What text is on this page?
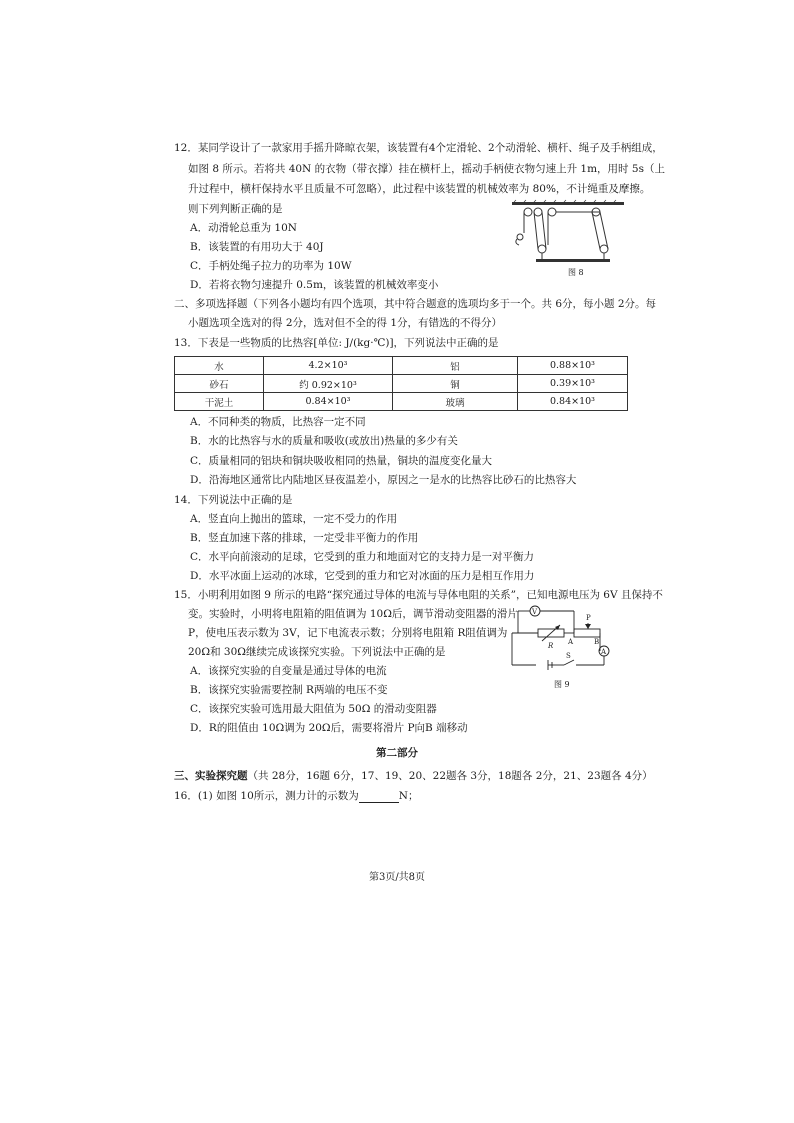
12．某同学设计了一款家用手摇升降晾衣架，该装置有4个定滑轮、2个动滑轮、横杆、绳子及手柄组成，
如图 8 所示。若将共 40N 的衣物（带衣撑）挂在横杆上，摇动手柄使衣物匀速上升 1m，用时 5s（上
升过程中，横杆保持水平且质量不可忽略），此过程中该装置的机械效率为 80%，不计绳重及摩擦。
则下列判断正确的是
A．动滑轮总重为 10N
B．该装置的有用功大于 40J
C．手柄处绳子拉力的功率为 10W
D．若将衣物匀速提升 0.5m，该装置的机械效率变小
图 8
二、多项选择题（下列各小题均有四个选项，其中符合题意的选项均多于一个。共 6分，每小题 2分。每
小题选项全选对的得 2分，选对但不全的得 1分，有错选的不得分）
13．下表是一些物质的比热容[单位: J/(kg·℃)]，下列说法中正确的是
水	4.2×10³	铝	0.88×10³
砂石	约 0.92×10³	铜	0.39×10³
干泥土	0.84×10³	玻璃	0.84×10³
A．不同种类的物质，比热容一定不同
B．水的比热容与水的质量和吸收(或放出)热量的多少有关
C．质量相同的铝块和铜块吸收相同的热量，铜块的温度变化量大
D．沿海地区通常比内陆地区昼夜温差小，原因之一是水的比热容比砂石的比热容大
14．下列说法中正确的是
A．竖直向上抛出的篮球，一定不受力的作用
B．竖直加速下落的排球，一定受非平衡力的作用
C．水平向前滚动的足球，它受到的重力和地面对它的支持力是一对平衡力
D．水平冰面上运动的冰球，它受到的重力和它对冰面的压力是相互作用力
15．小明利用如图 9 所示的电路“探究通过导体的电流与导体电阻的关系”，已知电源电压为 6V 且保持不
变。实验时，小明将电阻箱的阻值调为 10Ω后，调节滑动变阻器的滑片
P，使电压表示数为 3V，记下电流表示数；分别将电阻箱 R阻值调为
20Ω和 30Ω继续完成该探究实验。下列说法中正确的是
A．该探究实验的自变量是通过导体的电流
B．该探究实验需要控制 R两端的电压不变
C．该探究实验可选用最大阻值为 50Ω 的滑动变阻器
D．R的阻值由 10Ω调为 20Ω后，需要将滑片 P向B 端移动
V
A
P
R A	B
S
图 9
第二部分
三、实验探究题（共 28分，16题 6分，17、19、20、22题各 3分，18题各 2分，21、23题各 4分）
16．(1) 如图 10所示，测力计的示数为	N；
第3页/共8页
